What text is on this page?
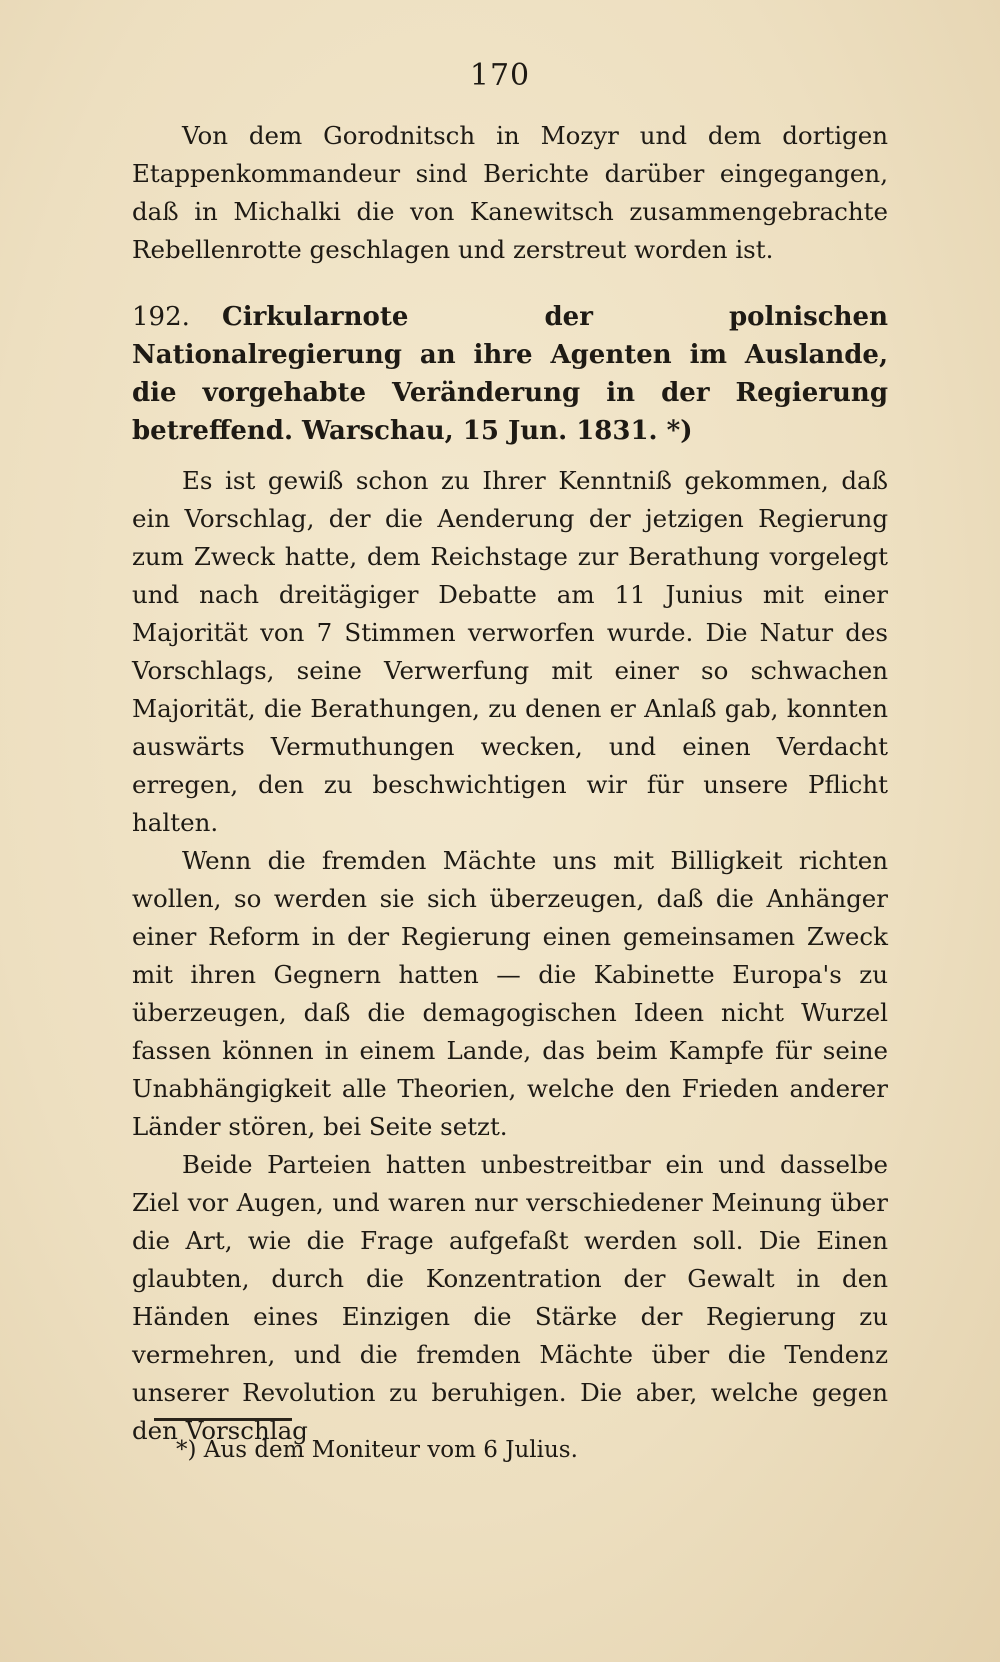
170

Von dem Gorodnitsch in Mozyr und dem dortigen Etappenkommandeur sind Berichte darüber eingegangen, daß in Michalki die von Kanewitsch zusammengebrachte Rebellenrotte geschlagen und zerstreut worden ist.

192. Cirkularnote der polnischen Nationalregierung an ihre Agenten im Auslande, die vorgehabte Veränderung in der Regierung betreffend. Warschau, 15 Jun. 1831. *)

Es ist gewiß schon zu Ihrer Kenntniß gekommen, daß ein Vorschlag, der die Aenderung der jetzigen Regierung zum Zweck hatte, dem Reichstage zur Berathung vorgelegt und nach dreitägiger Debatte am 11 Junius mit einer Majorität von 7 Stimmen verworfen wurde. Die Natur des Vorschlags, seine Verwerfung mit einer so schwachen Majorität, die Berathungen, zu denen er Anlaß gab, konnten auswärts Vermuthungen wecken, und einen Verdacht erregen, den zu beschwichtigen wir für unsere Pflicht halten.

Wenn die fremden Mächte uns mit Billigkeit richten wollen, so werden sie sich überzeugen, daß die Anhänger einer Reform in der Regierung einen gemeinsamen Zweck mit ihren Gegnern hatten — die Kabinette Europa's zu überzeugen, daß die demagogischen Ideen nicht Wurzel fassen können in einem Lande, das beim Kampfe für seine Unabhängigkeit alle Theorien, welche den Frieden anderer Länder stören, bei Seite setzt.

Beide Parteien hatten unbestreitbar ein und dasselbe Ziel vor Augen, und waren nur verschiedener Meinung über die Art, wie die Frage aufgefaßt werden soll. Die Einen glaubten, durch die Konzentration der Gewalt in den Händen eines Einzigen die Stärke der Regierung zu vermehren, und die fremden Mächte über die Tendenz unserer Revolution zu beruhigen. Die aber, welche gegen den Vorschlag

*) Aus dem Moniteur vom 6 Julius.
